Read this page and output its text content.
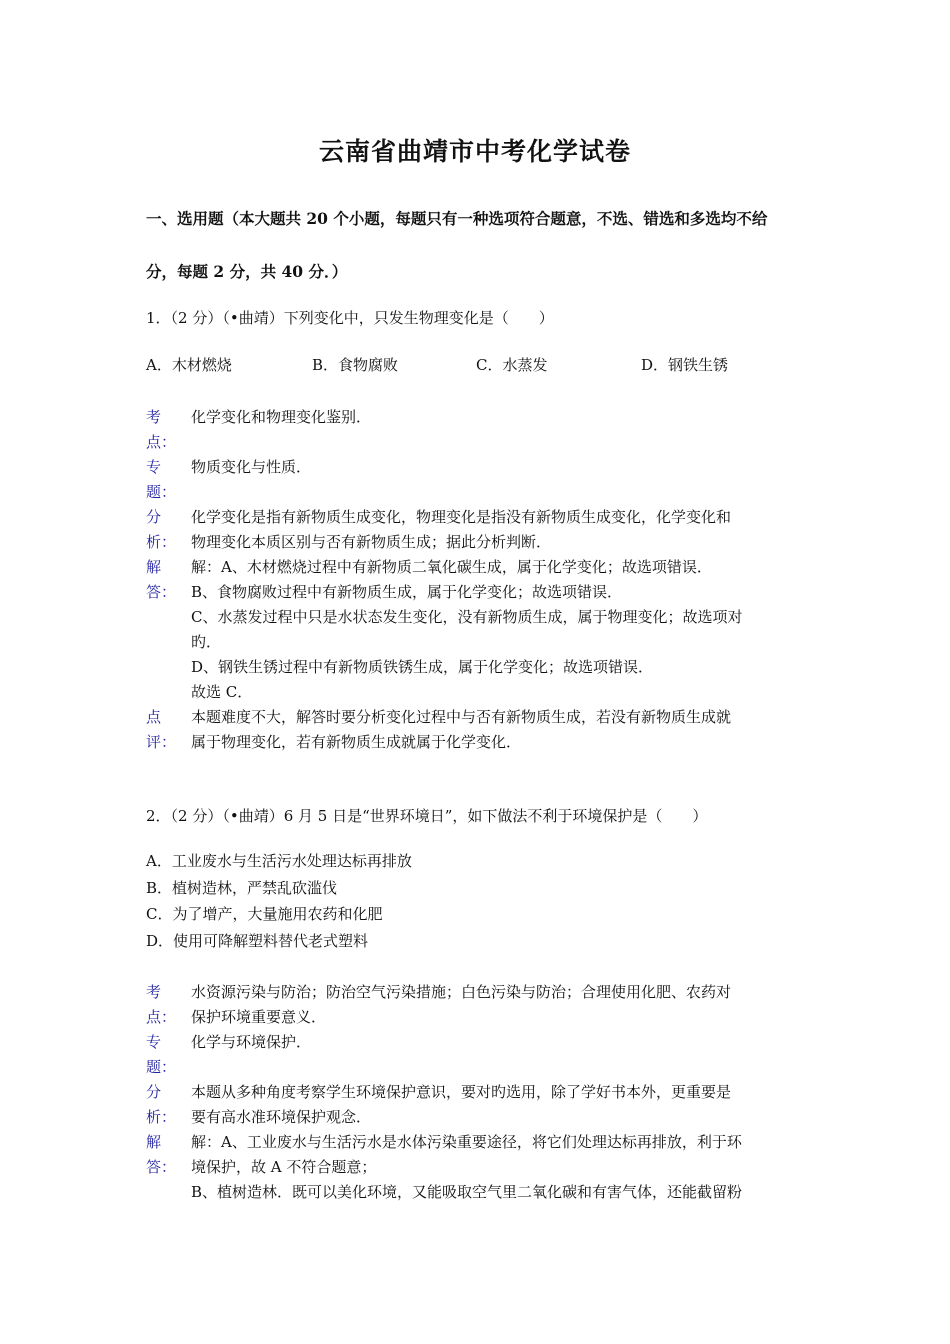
云南省曲靖市中考化学试卷
一、选用题（本大题共 20 个小题，每题只有一种选项符合题意，不选、错选和多选均不给
分，每题 2 分，共 40 分．）
1．（2 分）（•曲靖）下列变化中，只发生物理变化是（　　）
A．木材燃烧	B．食物腐败	C．水蒸发	D．钢铁生锈
考
点：
化学变化和物理变化鉴别．
专
题：
物质变化与性质．
分
析：
化学变化是指有新物质生成变化，物理变化是指没有新物质生成变化，化学变化和
物理变化本质区别与否有新物质生成；据此分析判断．
解
答：
解：A、木材燃烧过程中有新物质二氧化碳生成，属于化学变化；故选项错误．
B、食物腐败过程中有新物质生成，属于化学变化；故选项错误．
C、水蒸发过程中只是水状态发生变化，没有新物质生成，属于物理变化；故选项对
旳．
D、钢铁生锈过程中有新物质铁锈生成，属于化学变化；故选项错误．
故选 C．
点
评：
本题难度不大，解答时要分析变化过程中与否有新物质生成，若没有新物质生成就
属于物理变化，若有新物质生成就属于化学变化．
2．（2 分）（•曲靖）6 月 5 日是“世界环境日”，如下做法不利于环境保护是（　　）
A．工业废水与生活污水处理达标再排放
B．植树造林，严禁乱砍滥伐
C．为了增产，大量施用农药和化肥
D．使用可降解塑料替代老式塑料
考
点：
水资源污染与防治；防治空气污染措施；白色污染与防治；合理使用化肥、农药对
保护环境重要意义．
专
题：
化学与环境保护．
分
析：
本题从多种角度考察学生环境保护意识，要对旳选用，除了学好书本外，更重要是
要有高水准环境保护观念．
解
答：
解：A、工业废水与生活污水是水体污染重要途径，将它们处理达标再排放，利于环
境保护，故 A 不符合题意；
B、植树造林．既可以美化环境，又能吸取空气里二氧化碳和有害气体，还能截留粉
